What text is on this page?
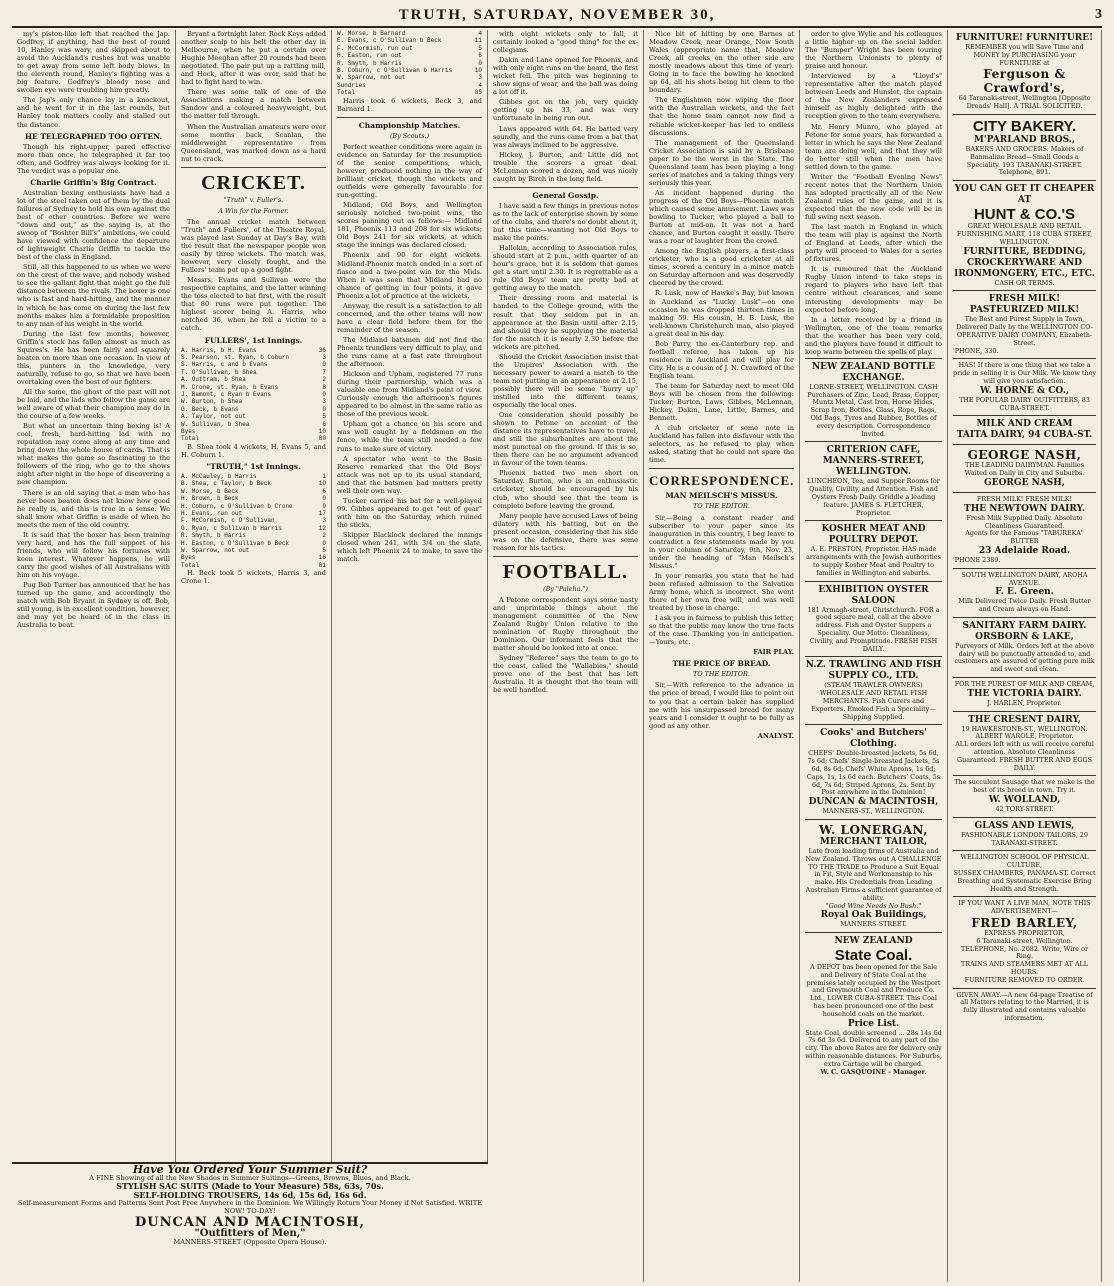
TRUTH, SATURDAY, NOVEMBER 30,	3

my's piston-like left that reached the Jap. Godfrey, if anything, had the best of round 10, Hanley was wary, and skipped about to avoid the Auckland's rushes but was unable to get away from some left body blows. In the eleventh round, Hanley's fighting was a big feature. Godfrey's bloody nose and swollen eye were troubling him greatly.

The Jap's only chance lay in a knockout, and he went for it in the last rounds, but Hanley took matters coolly and stalled out the distance.

HE TELEGRAPHED TOO OFTEN.

Though his right-upper, pared effective more than once, he telegraphed it far too often, and Godfrey was always looking for it. The verdict was a popular one.

Charlie Griffin's Big Contract.

Australian boxing enthusiasts have had a lot of the steel taken out of them by the dual failures of Sydney to hold his own against the best of other countries. Before we were "down and out," as the saying is, at the swoop of "Boshter Bill's" ambitions, we could have viewed with confidence the departure of lightweight Charlie Griffin to tackle the best of the class in England.

Still, all this happened to us when we were on the crest of the wave, and nobody wished to see the gallant fight that might go the full distance between the rivals. The boxer is one who is fast and hard-hitting, and the manner in which he has come on during the last few months makes him a formidable proposition to any man of his weight in the world.

During the last few months, however, Griffin's stock has fallen almost as much as Squires's. He has been fairly and squarely beaten on more than one occasion. In view of this, punters in the knowledge, very naturally, refuse to go, so that we have been overtaking even the best of our fighters.

All the same, the ghost of the past will not be laid, and the lads who follow the game are well aware of what their champion may do in the course of a few weeks.

But what an uncertain thing boxing is! A cool, fresh, hard-hitting lad with no reputation may come along at any time and bring down the whole house of cards. That is what makes the game so fascinating to the followers of the ring, who go to the shows night after night in the hope of discovering a new champion.

There is an old saying that a man who has never been beaten does not know how good he really is, and this is true in a sense. We shall know what Griffin is made of when he meets the men of the old country.

It is said that the boxer has been training very hard, and has the full support of his friends, who will follow his fortunes with keen interest. Whatever happens, he will carry the good wishes of all Australians with him on his voyage.

Pug Bob Turner has announced that he has turned up the game, and accordingly the match with Bob Bryant in Sydney is off. Bob, still young, is in excellent condition, however, and may yet be heard of in the class in Australia to beat.

Bryant a fortnight later. Rock Keys added another scalp to his belt the other day in Melbourne, when he put a certain over Hughie Meeghan after 20 rounds had been negotiated. The pair put up a rattling mill, and Hock, after it was over, said that he had to fight hard to win.

There was some talk of one of the Associations making a match between Sandow and a coloured heavyweight, but the matter fell through.

When the Australian amateurs were over some months back, Scanlan, the middleweight representative from Queensland, was marked down as a hard nut to crack.

CRICKET.
"Truth" v. Fuller's.
A Win for the Former.

The annual cricket match between "Truth" and Fullers', of the Theatre Royal, was played last Sunday at Day's Bay, with the result that the newspaper people won easily by three wickets. The match was, however, very closely fought, and the Fullers' team put up a good fight.

Messrs. Evans and Sullivan were the respective captains, and the latter winning the toss elected to bat first, with the result that 80 runs were put together. The highest scorer being A. Harris, who notched 36, when he fell a victim to a catch.

FULLERS', 1st Innings.
A. Harris, b H. Evans	36
S. Pearson, st. Ryan, b Coburn	3
S. Harris, c and b Evans	0
T. O'Sullivan, b Shea	7
A. Outtram, b Shea	2
M. Crone, st. Ryan, b Evans	8
J. Bamont, c Ryan b Evans	0
W. Burton, b Shea	3
G. Beck, b Evans	0
A. Taylor, not out	5
W. Sullivan, b Shea	6
Byes	10
Total	80

B. Shea took 4 wickets, H. Evans 5, and H. Coburn 1.

"TRUTH," 1st Innings.
A. McCauley, b Harris	1
B. Shea, c Taylor, b Beck	10
W. Morse, b Beck	6
H. Brown, b Beck	0
H. Coburn, c O'Sullivan b Crone	9
H. Evans, run out	17
F. McCormish, c O'Sullivan	3
G. Ryan, c Sullivan b Harris	12
R. Smyth, b Harris	2
H. Easton, c O'Sullivan b Beck	0
W. Sparrow, not out	5
Byes	16
Total	81

H. Beck took 5 wickets, Harris 3, and Crone 1.

W. Morse, b Barnard	4
E. Evans, c O'Sullivan b Beck	11
F. McCormish, run out	5
H. Easton, run out	6
R. Smyth, b Harris	0
B. Coburn, c O'Sullivan b Harris	10
W. Sparrow, not out	3
Sundries	4
Total	85

Harris took 6 wickets, Beck 3, and Barnard 1.

Championship Matches.
(By Scouts.)

Perfect weather conditions were again in evidence on Saturday for the resumption of the senior competitions, which, however, produced nothing in the way of brilliant cricket, though the wickets and outfields were generally favourable for run-getting.

Midland, Old Boys, and Wellington seriously notched two-point wins, the scores panning out as follows:— Midland 181, Phoenix 113 and 208 for six wickets; Old Boys 241 for six wickets, at which stage the innings was declared closed.

Phoenix and 90 for eight wickets. Midland-Phoenix match ended in a sort of fiasco and a two-point win for the Mids. When it was seen that Midland had no chance of getting in four points, it gave Phoenix a lot of practice at the wickets.

Anyway, the result is a satisfaction to all concerned, and the other teams will now have a clear field before them for the remainder of the season.

The Midland batsmen did not find the Phoenix trundlers very difficult to play, and the runs came at a fast rate throughout the afternoon.

Hickson and Upham, registered 77 runs during their partnership, which was a valuable one from Midland's point of view. Curiously enough the afternoon's figures appeared to be almost in the same ratio as those of the previous week.

Upham got a chance on his score and was well caught by a fieldsman on the fence, while the team still needed a few runs to make sure of victory.

A spectator who went to the Basin Reserve remarked that the Old Boys' attack was not up to its usual standard, and that the batsmen had matters pretty well their own way.

Tucker carried his bat for a well-played 99. Gibbes appeared to get "out of gear" with him on the Saturday, which ruined the sticks.

Skipper Blacklock declared the innings closed when 241, with 3/4 on the slate, which left Phoenix 24 to make, to save the match.

with eight wickets only to fall, it certainly looked a "good thing" for the ex-collegians.

Dakin and Lane opened for Phoenix, and with only eight runs on the board, the first wicket fell. The pitch was beginning to show signs of wear, and the ball was doing a lot off it.

Gibbes got on the job, very quickly getting up his 33, and was very unfortunate in being run out.

Laws appeared with 64. He batted very soundly, and the runs came from a bat that was always inclined to be aggressive.

Hickey, J. Burton, and Little did not trouble the scorers a great deal. McLennan scored a dozen, and was nicely caught by Birch in the long field.

General Gossip.

I have said a few things in previous notes as to the lack of enterprise shown by some of the clubs, and there's no doubt about it, but this time—wanting not Old Boys to make the points.

Hallekin, according to Association rules, should start at 2 p.m., with quarter of an hour's grace, but it is seldom that games get a start until 2.30. It is regrettable as a rule Old Boys' team are pretty bad at getting away to the match.

Their dressing room and material is handed to the College ground, with the result that they seldom put in an appearance at the Basin until after 2.15, and should they be supplying the material for the match it is nearly 2.30 before the wickets are pitched.

Should the Cricket Association insist that the Umpires' Association with the necessary power to award a match to the team not putting in an appearance at 2.15, possibly there will be some "hurry up" instilled into the different teams, especially the local ones.

One consideration should possibly be shown to Petone on account of the distance its representatives have to travel, and still the suburbanites are about the most punctual on the ground. If this is so, then there can be no argument advanced in favour of the town teams.

Phoenix batted two men short on Saturday. Burton, who is an enthusiastic cricketer, should be encouraged by his club, who should see that the team is complete before leaving the ground.

Many people have accused Laws of being dilatory with his batting, but on the present occasion, considering that his side was on the defensive, there was some reason for his tactics.

FOOTBALL.
(By "Paleha.")

A Petone correspondent says some nasty and unprintable things about the management committee of the New Zealand Rugby Union relative to the nomination of Rugby throughout the Dominion. Our informant feels that the matter should be looked into at once.

Sydney "Referee" says the team to go to the coast, called the "Wallabies," should prove one of the best that has left Australia. It is thought that the team will be well handled.

Nice bit of hitting by one Barnes at Meadow Creek, near Orange, New South Wales (appropriate name that, Meadow Creek, all creeks on the other side are mostly meadows about this time of year). Going in to face the bowling he knocked up 64, all his shots being hit clean to the boundary.

The Englishmen now wiping the floor with the Australian wickets, and the fact that the home team cannot now find a reliable wicket-keeper has led to endless discussions.

The management of the Queensland Cricket Association is said by a Brisbane paper to be the worst in the State. The Queensland team has been playing a long series of matches and is taking things very seriously this year.

An incident happened during the progress of the Old Boys—Phoenix match which caused some amusement. Laws was bowling to Tucker, who played a ball to Burton at mid-on. It was not a hard chance, and Burton caught it easily. There was a roar of laughter from the crowd.

Among the English players, a first-class cricketer, who is a good cricketer at all times, scored a century in a minor match on Saturday afternoon and was deservedly cheered by the crowd.

R. Lusk, now of Hawke's Bay, but known in Auckland as "Lucky Lusk"—on one occasion he was dropped thirteen times in making 59. His cousin, H. B. Lusk, the well-known Christchurch man, also played a great deal in his day.

Bob Parry, the ex-Canterbury rep. and football referee, has taken up his residence in Auckland and will play for City. He is a cousin of J. N. Crawford of the English team.

The team for Saturday next to meet Old Boys will be chosen from the following: Tucker, Burton, Laws, Gibbes, McLennan, Hickey, Dakin, Lane, Little, Barnes, and Bennett.

A club cricketer of some note in Auckland has fallen into disfavour with the selectors, as he refused to play when asked, stating that he could not spare the time.

CORRESPONDENCE.
MAN MEILSCH'S MISSUS.
TO THE EDITOR.

Sir,—Being a constant reader and subscriber to your paper since its inauguration in this country, I beg leave to contradict a few statements made by you in your column of Saturday, 9th, Nov. 23, under the heading of "Man Meilsch's Missus."

In your remarks you state that he had been refused admission to the Salvation Army home, which is incorrect. She went there of her own free will, and was well treated by those in charge.

I ask you in fairness to publish this letter, so that the public may know the true facts of the case. Thanking you in anticipation.—Yours, etc.

FAIR PLAY.
THE PRICE OF BREAD.
TO THE EDITOR.

Sir,—With reference to the advance in the price of bread, I would like to point out to you that a certain baker has supplied me with his unsurpassed bread for many years and I consider it ought to be fully as good as any other.

ANALYST.

order to give Wylie and his colleagues a little higher up on the social ladder. The "Bumper" Wright has been touring the Northern Unionists to plenty of praise and honour.

Interviewed by a "Lloyd's" representative after the match played between Leeds and Hunslet, the captain of the New Zealanders expressed himself as highly delighted with the reception given to the team everywhere.

Mr. Henry Munro, who played at Petone for some years, has forwarded a letter in which he says the New Zealand team are doing well, and that they will do better still when the men have settled down to the game.

Writer the "Football Evening News" recent notes that the Northern Union has adopted practically all of the New Zealand rules of the game, and it is expected that the new code will be in full swing next season.

The last match in England in which the team will play is against the North of England at Leeds, after which the party will proceed to Wales for a series of fixtures.

It is rumoured that the Auckland Rugby Union intend to take steps in regard to players who have left that centre without clearances, and some interesting developments may be expected before long.

In a letter received by a friend in Wellington, one of the team remarks that the weather has been very cold, and the players have found it difficult to keep warm between the spells of play.

NEW ZEALAND BOTTLE EXCHANGE.
LORNE-STREET, WELLINGTON. CASH Purchasers of Zinc, Lead, Brass, Copper, Muntz Metal, Cast Iron, Horse Hides, Scrap Iron, Bottles, Glass, Rope, Rags, Old Bags, Tyres and Rubber, Bottles of every description. Correspondence Invited.
CRITERION CAFE, MANNERS-STREET, WELLINGTON.
LUNCHEON, Tea, and Supper Rooms for Quality, Civility, and Attention. Fish and Oysters Fresh Daily. Griddle a leading feature. JAMES S. FLETCHER, Proprietor.
KOSHER MEAT AND POULTRY DEPOT.
A. E. PRESTON, Proprietor. HAS made arrangements with the Jewish authorities to supply Kosher Meat and Poultry to families in Wellington and suburbs.
EXHIBITION OYSTER SALOON
181 Armagh-street, Christchurch. FOR a good square meal, call at the above address. Fish and Oyster Suppers a Speciality. Our Motto: Cleanliness, Civility, and Promptitude. FRESH FISH DAILY.
N.Z. TRAWLING AND FISH SUPPLY CO., LTD.
(STEAM TRAWLER OWNERS) WHOLESALE AND RETAIL FISH MERCHANTS. Fish Curers and Exporters. Emoked Fish a Speciality—Shipping Supplied.
Cooks' and Butchers' Clothing.
CHEFS' Double-breasted Jackets, 5s 6d, 7s 6d; Chefs' Single-breasted Jackets, 5s 6d, 8s 6d; Chefs' White Aprons, 1s 6d; Caps, 1s, 1s 6d each. Butchers' Coats, 5s 6d, 7s 6d; Striped Aprons, 2s. Sent by Post anywhere in the Dominion!
DUNCAN & MACINTOSH,
MANNERS-ST., WELLINGTON.
W. LONERGAN,
MERCHANT TAILOR,
Late from leading firms of Australia and New Zealand. Throws out A CHALLENGE TO THE TRADE to Produce a Suit Equal in Fit, Style and Workmanship to his make. His Credentials from Leading Australian Firms a sufficient guarantee of ability.
"Good Wine Needs No Bush."
Royal Oak Buildings,
MANNERS-STREET.
NEW ZEALAND
State Coal.
A DEPOT has been opened for the Sale and Delivery of State Coal at the premises lately occupied by the Westport and Greymouth Coal and Produce Co. Ltd., LOWER CUBA-STREET. This Coal has been pronounced one of the best household coals on the market.
Price List.
State Coal, double screened ... 28s 14s 6d 7s 6d 3s 6d. Delivered to any part of the city. The above Rates are for delivery only within reasonable distances. For Suburbs, extra Cartage will be charged.
W. C. GASQUOINE - Manager.
FURNITURE! FURNITURE!
REMEMBER you will Save Time and MONEY by PURCHASING your FURNITURE at
Ferguson & Crawford's,
64 Taranaki-street, Wellington [Opposite Dreads' Hall]. A TRIAL SOLICITED.
CITY BAKERY.
M'PARLAND BROS.,
BAKERS AND GROCERS. Makers of Banmaline Bread—Small Goods a Speciality. 193 TARANAKI-STREET. Telephone, 891.
YOU CAN GET IT CHEAPER AT
HUNT & CO.'S
GREAT WHOLESALE AND RETAIL FURNISHING MART, 118 CUBA STREET, WELLINGTON.
FURNITURE, BEDDING, CROCKERYWARE AND IRONMONGERY, ETC., ETC.
CASH OR TERMS.
FRESH MILK! PASTEURIZED MILK!
The Best and Purest Supply in Town, Delivered Daily by the WELLINGTON CO-OPERATIVE DAIRY COMPANY, Elizabeth-Street.
'PHONE, 330.
HAS! If there is one thing that we take a pride in selling it is Our Milk. We know they will give you satisfaction.
W. HORNE & CO.,
THE POPULAR DAIRY OUTFITTERS, 83 CUBA-STREET.
MILK AND CREAM
TAITA DAIRY, 94 CUBA-ST.
GEORGE NASH,
THE LEADING DAIRYMAN. Families Waited on Daily in City and Suburbs.
GEORGE NASH,
FRESH MILK! FRESH MILK!
THE NEWTOWN DAIRY.
Fresh Milk Supplied Daily. Absolute Cleanliness Guaranteed.
Agents for the Famous "TABUREKA" BUTTER
23 Adelaide Road.
'PHONE 2389.
SOUTH WELLINGTON DAIRY, AROHA AVENUE.
F. E. Green.
Milk Delivered Twice Daily. Fresh Butter and Cream always on Hand.
SANITARY FARM DAIRY.
ORSBORN & LAKE,
Purveyors of Milk. Orders left at the above dairy will be punctually attended to, and customers are assured of getting pure milk and sweet and clean.
FOR THE PUREST OF MILK AND CREAM,
THE VICTORIA DAIRY.
J. HARLEN, Proprietor.
THE CRESENT DAIRY,
19 HAWKESTONE-ST., WELLINGTON.
ALBERT WAROLE, Proprietor.
ALL orders left with us will receive careful attention. Absolute Cleanliness Guaranteed. FRESH BUTTER AND EGGS DAILY.
The succulent Sausage that we make is the best of its breed in town. Try it.
W. WOLLAND,
42 TORY-STREET.
GLASS AND LEWIS,
FASHIONABLE LONDON TAILORS, 29 TARANAKI-STREET.
WELLINGTON SCHOOL OF PHYSICAL CULTURE,
SUSSEX CHAMBERS, PANAMA-ST. Correct Breathing and Systematic Exercise Bring Health and Strength.
IF YOU WANT A LIVE MAN, NOTE THIS ADVERTISEMENT—
FRED BARLEY,
EXPRESS PROPRIETOR,
6 Taranaki-street, Wellington.
TELEPHONE, No. 2082. Write, Wire or Ring.
TRAINS AND STEAMERS MET AT ALL HOURS.
FURNITURE REMOVED TO ORDER.
GIVEN AWAY.—A new 64-page Treatise of all Matters relating to the Married, it is fully illustrated and contains valuable information.
Have You Ordered Your Summer Suit?
A FINE Showing of all the New Shades in Summer Suitings—Greens, Browns, Blues, and Black.
STYLISH SAC SUITS (Made to Your Measure) 58s, 63s, 70s.
SELF-HOLDING TROUSERS, 14s 6d, 15s 6d, 16s 6d.
Self-measurement Forms and Patterns Sent Post Free Anywhere in the Dominion. We Willingly Return Your Money if Not Satisfied. WRITE NOW! TO-DAY!
DUNCAN AND MACINTOSH,
"Outfitters of Men,"
MANNERS-STREET (Opposite Opera House).
